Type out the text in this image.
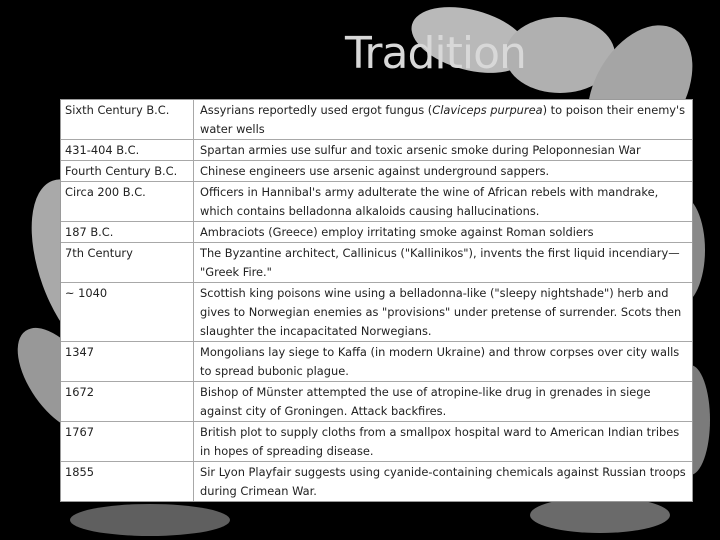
Tradition
Sixth Century B.C.	Assyrians reportedly used ergot fungus (Claviceps purpurea) to poison their enemy's water wells
431-404 B.C.	Spartan armies use sulfur and toxic arsenic smoke during Peloponnesian War
Fourth Century B.C.	Chinese engineers use arsenic against underground sappers.
Circa 200 B.C.	Officers in Hannibal's army adulterate the wine of African rebels with mandrake, which contains belladonna alkaloids causing hallucinations.
187 B.C.	Ambraciots (Greece) employ irritating smoke against Roman soldiers
7th Century	The Byzantine architect, Callinicus ("Kallinikos"), invents the first liquid incendiary— "Greek Fire."
~ 1040	Scottish king poisons wine using a belladonna-like ("sleepy nightshade") herb and gives to Norwegian enemies as "provisions" under pretense of surrender. Scots then slaughter the incapacitated Norwegians.
1347	Mongolians lay siege to Kaffa (in modern Ukraine) and throw corpses over city walls to spread bubonic plague.
1672	Bishop of Münster attempted the use of atropine-like drug in grenades in siege against city of Groningen. Attack backfires.
1767	British plot to supply cloths from a smallpox hospital ward to American Indian tribes in hopes of spreading disease.
1855	Sir Lyon Playfair suggests using cyanide-containing chemicals against Russian troops during Crimean War.
